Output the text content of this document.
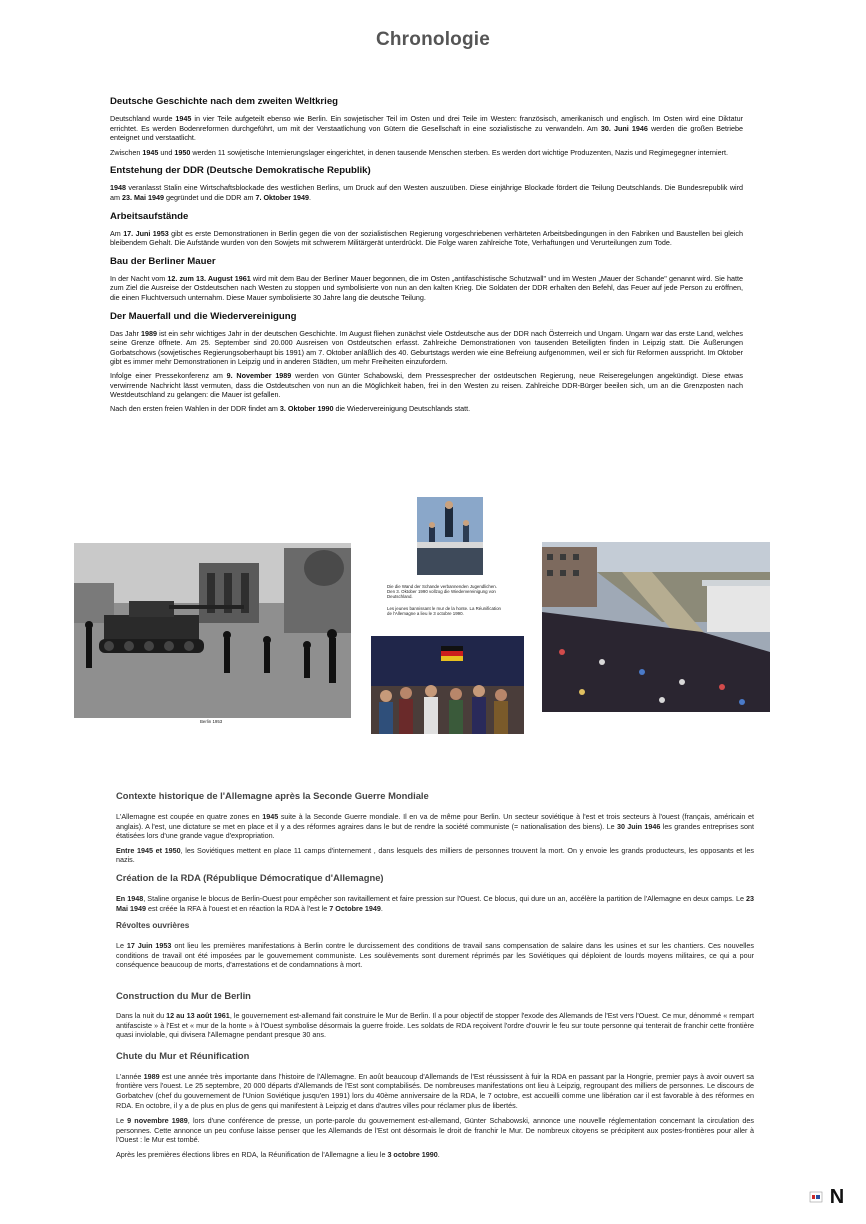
Chronologie

Deutsche Geschichte nach dem zweiten Weltkrieg

Deutschland wurde 1945 in vier Teile aufgeteilt ebenso wie Berlin. Ein sowjetischer Teil im Osten und drei Teile im Westen: französisch, amerikanisch und englisch. Im Osten wird eine Diktatur errichtet. Es werden Bodenreformen durchgeführt, um mit der Verstaatlichung von Gütern die Gesellschaft in eine sozialistische zu verwandeln. Am 30. Juni 1946 werden die großen Betriebe enteignet und verstaatlicht.

Zwischen 1945 und 1950 werden 11 sowjetische Internierungslager eingerichtet, in denen tausende Menschen sterben. Es werden dort wichtige Produzenten, Nazis und Regimegegner interniert.

Entstehung der DDR (Deutsche Demokratische Republik)

1948 veranlasst Stalin eine Wirtschaftsblockade des westlichen Berlins, um Druck auf den Westen auszuüben. Diese einjährige Blockade fördert die Teilung Deutschlands. Die Bundesrepublik wird am 23. Mai 1949 gegründet und die DDR am 7. Oktober 1949.

Arbeitsaufstände

Am 17. Juni 1953 gibt es erste Demonstrationen in Berlin gegen die von der sozialistischen Regierung vorgeschriebenen verhärteten Arbeitsbedingungen in den Fabriken und Baustellen bei gleich bleibendem Gehalt. Die Aufstände wurden von den Sowjets mit schwerem Militärgerät unterdrückt. Die Folge waren zahlreiche Tote, Verhaftungen und Verurteilungen zum Tode.

Bau der Berliner Mauer

In der Nacht vom 12. zum 13. August 1961 wird mit dem Bau der Berliner Mauer begonnen, die im Osten „antifaschistische Schutzwall" und im Westen „Mauer der Schande" genannt wird. Sie hatte zum Ziel die Ausreise der Ostdeutschen nach Westen zu stoppen und symbolisierte von nun an den kalten Krieg. Die Soldaten der DDR erhalten den Befehl, das Feuer auf jede Person zu eröffnen, die einen Fluchtversuch unternahm. Diese Mauer symbolisierte 30 Jahre lang die deutsche Teilung.

Der Mauerfall und die Wiedervereinigung

Das Jahr 1989 ist ein sehr wichtiges Jahr in der deutschen Geschichte. Im August fliehen zunächst viele Ostdeutsche aus der DDR nach Österreich und Ungarn. Ungarn war das erste Land, welches seine Grenze öffnete. Am 25. September sind 20.000 Ausreisen von Ostdeutschen erfasst. Zahlreiche Demonstrationen von tausenden Beteiligten finden in Leipzig statt. Die Äußerungen Gorbatschows (sowjetisches Regierungsoberhaupt bis 1991) am 7. Oktober anläßlich des 40. Geburtstags werden wie eine Befreiung aufgenommen, weil er sich für Reformen ausspricht. Im Oktober gibt es immer mehr Demonstrationen in Leipzig und in anderen Städten, um mehr Freiheiten einzufordern.

Infolge einer Pressekonferenz am 9. November 1989 werden von Günter Schabowski, dem Pressesprecher der ostdeutschen Regierung, neue Reiseregelungen angekündigt. Diese etwas verwirrende Nachricht lässt vermuten, dass die Ostdeutschen von nun an die Möglichkeit haben, frei in den Westen zu reisen. Zahlreiche DDR-Bürger beeilen sich, um an die Grenzposten nach Westdeutschland zu gelangen: die Mauer ist gefallen.

Nach den ersten freien Wahlen in der DDR findet am 3. Oktober 1990 die Wiedervereinigung Deutschlands statt.

Berlin 1953
Die die Wand der Schande verbannenden Jugendlichen. Den 3. Oktober 1990 vollzog die Wiedervereinigung von Deutschland.
Les jeunes bannissant le mur de la honte. La Réunification de l'Allemagne a lieu le 3 octobre 1990.

Contexte historique de l'Allemagne après la Seconde Guerre Mondiale

L'Allemagne est coupée en quatre zones en 1945 suite à la Seconde Guerre mondiale. Il en va de même pour Berlin. Un secteur soviétique à l'est et trois secteurs à l'ouest (français, américain et anglais). A l'est, une dictature se met en place et il y a des réformes agraires dans le but de rendre la société communiste (= nationalisation des biens). Le 30 Juin 1946 les grandes entreprises sont étatisées lors d'une grande vague d'expropriation.

Entre 1945 et 1950, les Soviétiques mettent en place 11 camps d'internement , dans lesquels des milliers de personnes trouvent la mort. On y envoie les grands producteurs, les opposants et les nazis.

Création de la RDA (République Démocratique d'Allemagne)

En 1948, Staline organise le blocus de Berlin-Ouest pour empêcher son ravitaillement et faire pression sur l'Ouest. Ce blocus, qui dure un an, accélère la partition de l'Allemagne en deux camps. Le 23 Mai 1949 est créée la RFA à l'ouest et en réaction la RDA à l'est le 7 Octobre 1949.

Révoltes ouvrières

Le 17 Juin 1953 ont lieu les premières manifestations à Berlin contre le durcissement des conditions de travail sans compensation de salaire dans les usines et sur les chantiers. Ces nouvelles conditions de travail ont été imposées par le gouvernement communiste. Les soulèvements sont durement réprimés par les Soviétiques qui déploient de lourds moyens militaires, ce qui a pour conséquence beaucoup de morts, d'arrestations et de condamnations à mort.

Construction du Mur de Berlin

Dans la nuit du 12 au 13 août 1961, le gouvernement est-allemand fait construire le Mur de Berlin. Il a pour objectif de stopper l'exode des Allemands de l'Est vers l'Ouest. Ce mur, dénommé « rempart antifasciste » à l'Est et « mur de la honte » à l'Ouest symbolise désormais la guerre froide. Les soldats de RDA reçoivent l'ordre d'ouvrir le feu sur toute personne qui tenterait de franchir cette frontière quasi inviolable, qui divisera l'Allemagne pendant presque 30 ans.

Chute du Mur et Réunification

L'année 1989 est une année très importante dans l'histoire de l'Allemagne. En août beaucoup d'Allemands de l'Est réussissent à fuir la RDA en passant par la Hongrie, premier pays à avoir ouvert sa frontière vers l'ouest. Le 25 septembre, 20 000 départs d'Allemands de l'Est sont comptabilisés. De nombreuses manifestations ont lieu à Leipzig, regroupant des milliers de personnes. Le discours de Gorbatchev (chef du gouvernement de l'Union Soviétique jusqu'en 1991) lors du 40ème anniversaire de la RDA, le 7 octobre, est accueilli comme une libération car il est favorable à des réformes en RDA. En octobre, il y a de plus en plus de gens qui manifestent à Leipzig et dans d'autres villes pour réclamer plus de libertés.

Le 9 novembre 1989, lors d'une conférence de presse, un porte-parole du gouvernement est-allemand, Günter Schabowski, annonce une nouvelle réglementation concernant la circulation des personnes. Cette annonce un peu confuse laisse penser que les Allemands de l'Est ont désormais le droit de franchir le Mur. De nombreux citoyens se précipitent aux postes-frontières pour aller à l'Ouest : le Mur est tombé.

Après les premières élections libres en RDA, la Réunification de l'Allemagne a lieu le 3 octobre 1990.

N
